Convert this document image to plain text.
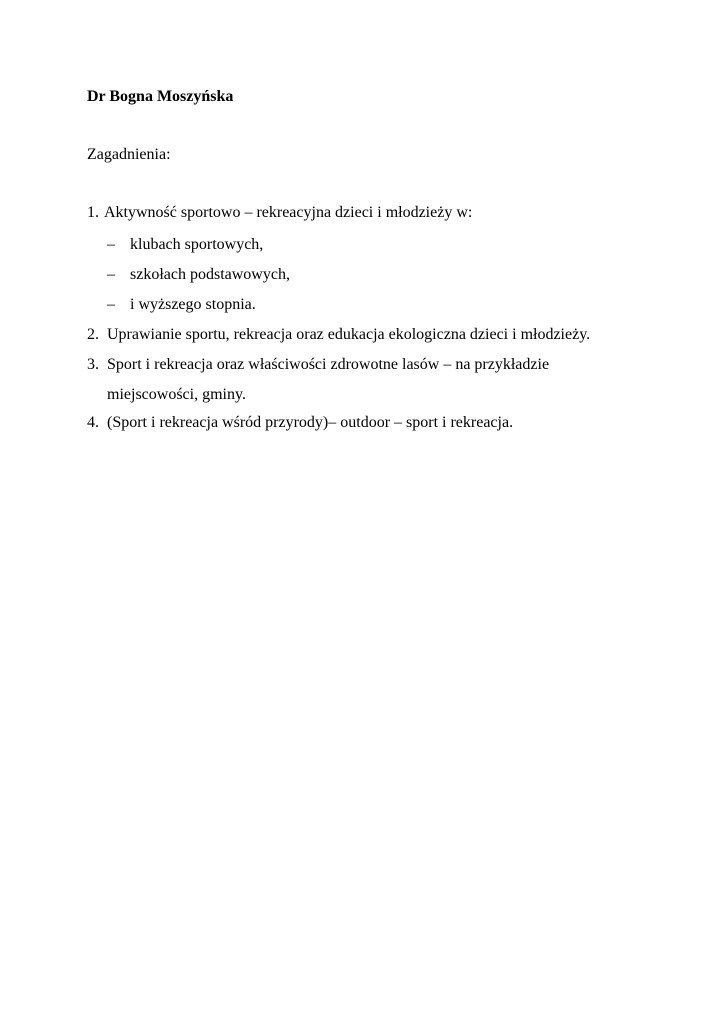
Dr Bogna Moszyńska
Zagadnienia:
1. Aktywność sportowo – rekreacyjna dzieci i młodzieży w:
– klubach sportowych,
– szkołach podstawowych,
– i wyższego stopnia.
2. Uprawianie sportu, rekreacja oraz edukacja ekologiczna dzieci i młodzieży.
3. Sport i rekreacja oraz właściwości zdrowotne lasów – na przykładzie
miejscowości, gminy.
4. (Sport i rekreacja wśród przyrody)– outdoor – sport i rekreacja.
